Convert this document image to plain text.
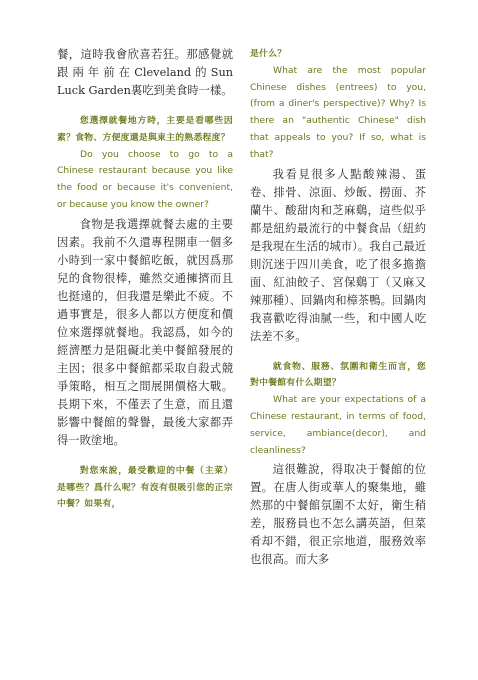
餐，這時我會欣喜若狂。那感覺就跟兩年前在Cleveland的Sun Luck Garden裏吃到美食時一樣。

您選擇就餐地方時，主要是看哪些因素？食物、方便度還是與東主的熟悉程度？

Do you choose to go to a Chinese restaurant because you like the food or because it's convenient, or because you know the owner?

食物是我選擇就餐去處的主要因素。我前不久還專程開車一個多小時到一家中餐館吃飯，就因爲那兒的食物很棒，雖然交通擁擠而且也挺遠的，但我還是樂此不疲。不過事實是，很多人都以方便度和價位來選擇就餐地。我認爲，如今的經濟壓力是阻礙北美中餐館發展的主因；很多中餐館都采取自殺式競爭策略，相互之間展開價格大戰。長期下來，不僅丟了生意，而且還影響中餐館的聲譽，最後大家都弄得一敗塗地。

對您來說，最受歡迎的中餐（主菜）是哪些？爲什么呢？有沒有很吸引您的正宗中餐？如果有，

是什么？

What are the most popular Chinese dishes (entrees) to you, (from a diner's perspective)? Why? Is there an "authentic Chinese" dish that appeals to you? If so, what is that?

我看見很多人點酸辣湯、蛋卷、排骨、涼面、炒飯、撈面、芥蘭牛、酸甜肉和芝麻鷄，這些似乎都是紐約最流行的中餐食品（紐約是我現在生活的城市）。我自己最近則沉迷于四川美食，吃了很多擔擔面、紅油餃子、宮保鷄丁（又麻又辣那種）、回鍋肉和樟茶鴨。回鍋肉我喜歡吃得油膩一些，和中國人吃法差不多。

就食物、服務、氛圍和衛生而言，您對中餐館有什么期望？

What are your expectations of a Chinese restaurant, in terms of food, service, ambiance(decor), and cleanliness?

這很難說，得取决于餐館的位置。在唐人街或華人的聚集地，雖然那的中餐館氛圍不太好，衛生稍差，服務員也不怎么講英語，但菜肴却不錯，很正宗地道，服務效率也很高。而大多
